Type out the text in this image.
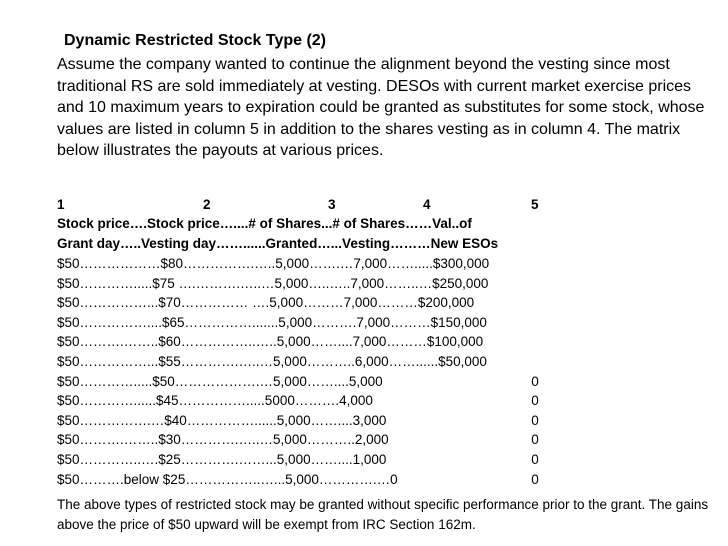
Dynamic Restricted Stock Type (2)
Assume the company wanted to continue the alignment beyond the vesting since most traditional RS are sold immediately at vesting. DESOs with current market exercise prices and 10 maximum years to expiration could be granted as substitutes for some stock, whose values are listed in column 5 in addition to the shares vesting as in column 4. The matrix below illustrates the payouts at various prices.
1	2	3	4	5
Stock price….Stock price…....# of Shares...# of Shares……Val..of
Grant day…..Vesting day……......Granted…...Vesting………New ESOs
$50………………$80…………….…..5,000…….…7,000…….....$300,000
$50………….....$75 ….……….…..…5,000…..…..7,000……..…$250,000
$50……………...$70…………… ….5,000………7,000………$200,000
$50……………....$65…………….......5,000……….7,000………$150,000
$50……….……..$60……………..…..5,000……....7,000………$100,000
$50……………...$55………….…..…5,000………..6,000……......$50,000
$50………….....$50……………….…5,000……....5,000	0
$50…………......$45…………….....5000……….4,000	0
$50…………….…$40……………......5,000……....3,000	0
$50……….……..$30………….…..…5,000………..2,000	0
$50…………..….$25………….……...5,000……....1,000	0
$50……….below $25……………..…...5,000………….…0	0
The above types of restricted stock may be granted without specific performance prior to the grant. The gains above the price of $50 upward will be exempt from IRC Section 162m.
